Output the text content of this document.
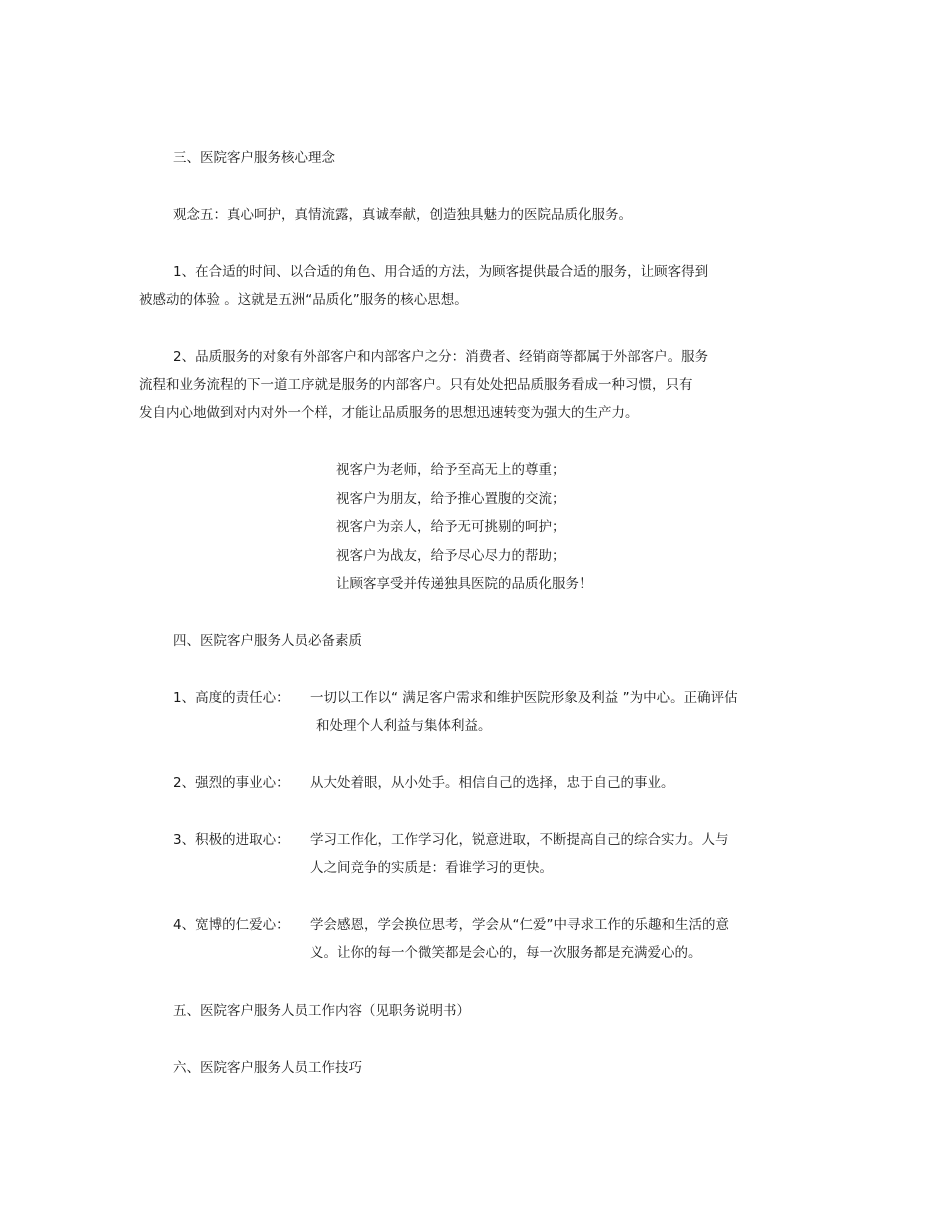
三、医院客户服务核心理念
观念五：真心呵护，真情流露，真诚奉献，创造独具魅力的医院品质化服务。
1、在合适的时间、以合适的角色、用合适的方法，为顾客提供最合适的服务，让顾客得到
被感动的体验 。这就是五洲“品质化”服务的核心思想。
2、品质服务的对象有外部客户和内部客户之分：消费者、经销商等都属于外部客户。服务
流程和业务流程的下一道工序就是服务的内部客户。只有处处把品质服务看成一种习惯，只有
发自内心地做到对内对外一个样，才能让品质服务的思想迅速转变为强大的生产力。
视客户为老师，给予至高无上的尊重；
视客户为朋友，给予推心置腹的交流；
视客户为亲人，给予无可挑剔的呵护；
视客户为战友，给予尽心尽力的帮助；
让顾客享受并传递独具医院的品质化服务！
四、医院客户服务人员必备素质
1、高度的责任心： 一切以工作以“ 满足客户需求和维护医院形象及利益 ”为中心。正确评估
和处理个人利益与集体利益。
2、强烈的事业心： 从大处着眼，从小处手。相信自己的选择，忠于自己的事业。
3、积极的进取心： 学习工作化，工作学习化，锐意进取，不断提高自己的综合实力。人与
人之间竞争的实质是：看谁学习的更快。
4、宽博的仁爱心： 学会感恩，学会换位思考，学会从“仁爱”中寻求工作的乐趣和生活的意
义。让你的每一个微笑都是会心的，每一次服务都是充满爱心的。
五、医院客户服务人员工作内容（见职务说明书）
六、医院客户服务人员工作技巧
